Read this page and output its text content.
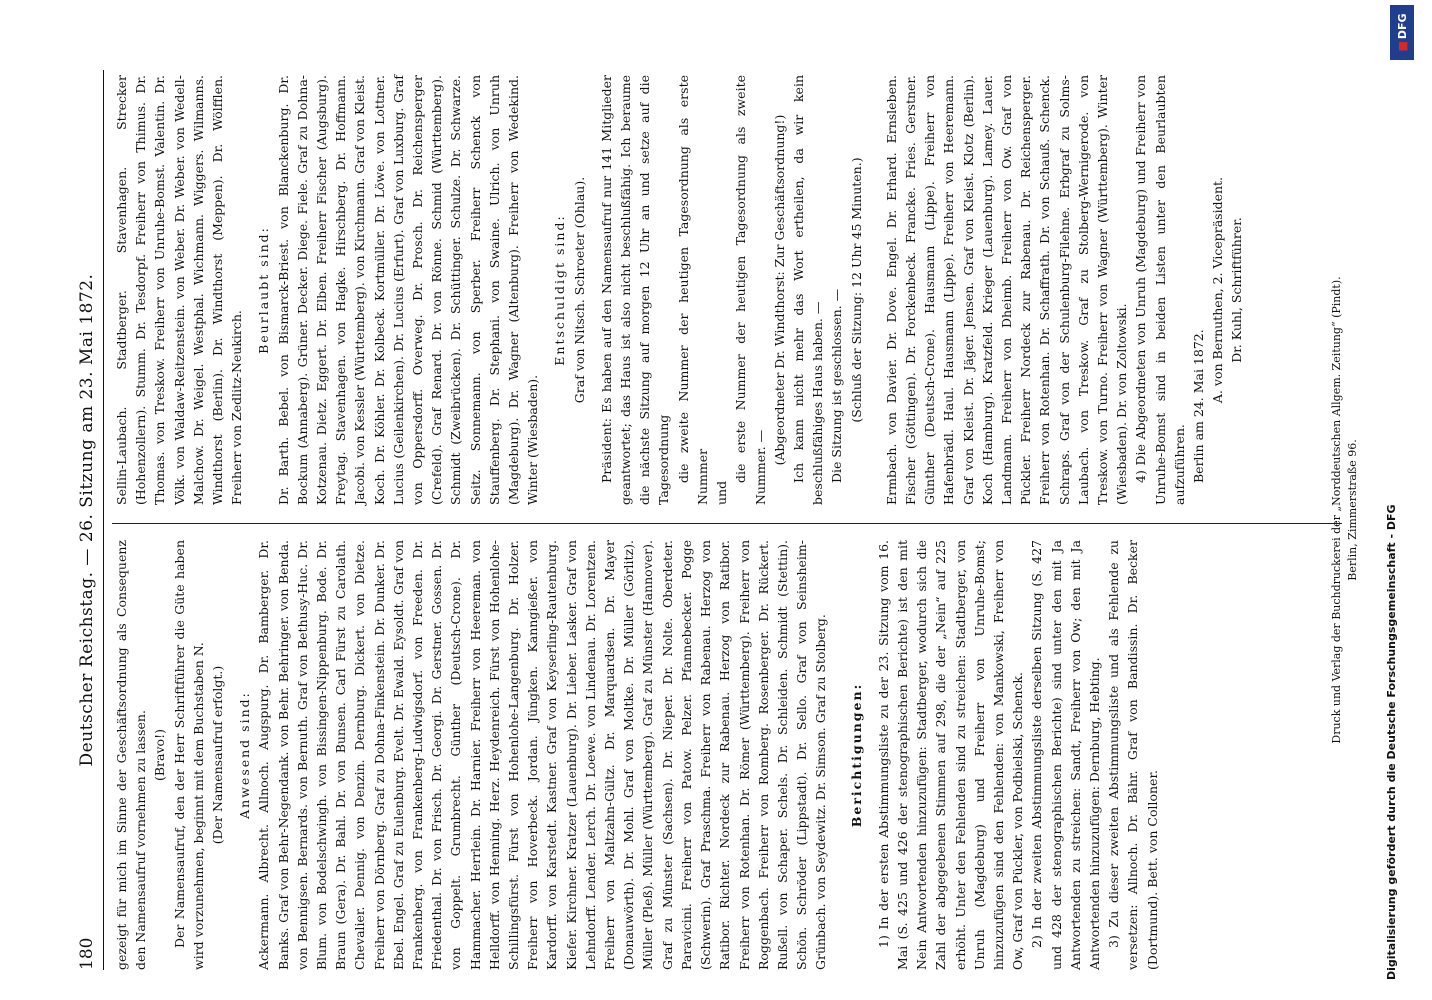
180
Deutscher Reichstag. — 26. Sitzung am 23. Mai 1872. gezeigt für mich im Sinne der Geschäftsordnung als Consequenz den Namensaufruf vornehmen zu lassen. (Bravo!) Der Namensaufruf, den der Herr Schriftführer die Güte haben wird vorzunehmen, beginnt mit dem Buchstaben N. (Der Namensaufruf erfolgt.) Anwesend sind: Ackermann. Albrecht. Allnoch. Augspurg. Dr. Bamberger. Dr. Banks. Graf von Behr-Negendank. von Behr. Behringer. von Benda. von Bennigsen. Bernards. von Bernuth. Graf von Bethusy-Huc. Dr. Blum. von Bodelschwingh. von Bissingen-Nippenburg. Bode. Dr. Braun (Gera). Dr. Bahl. Dr. von Bunsen. Carl Fürst zu Carolath. Chevalier. Dennig. von Denzin. Dernburg. Dickert. von Dietze. Freiherr von Dörnberg. Graf zu Dohna-Finkenstein. Dr. Dunker. Dr. Ebel. Engel. Graf zu Eulenburg. Evelt. Dr. Ewald. Eysoldt. Graf von Frankenberg. von Frankenberg-Ludwigsdorf. von Freeden. Dr. Friedenthal. Dr. von Frisch. Dr. Georgi. Dr. Gerstner. Gossen. Dr. von Goppelt. Grumbrecht. Günther (Deutsch-Crone). Dr. Hammacher. Herrlein. Dr. Harnier. Freiherr von Heereman. von Helldorff. von Henning. Herz. Heydenreich. Fürst von Hohenlohe-Schillingsfürst. Fürst von Hohenlohe-Langenburg. Dr. Holzer. Freiherr von Hoverbeck. Jordan. Jüngken. Kanngießer. von Kardorff. von Karstedt. Kastner. Graf von Keyserling-Rautenburg. Kiefer. Kirchner. Kratzer (Lauenburg). Dr. Lieber. Lasker. Graf von Lehndorff. Lender. Lerch. Dr. Loewe. von Lindenau. Dr. Lorentzen. Freiherr von Maltzahn-Gültz. Dr. Marquardsen. Dr. Mayer (Donauwörth). Dr. Mohl. Graf von Moltke. Dr. Müller (Görlitz). Müller (Pleß). Müller (Württemberg). Graf zu Münster (Hannover). Graf zu Münster (Sachsen). Dr. Nieper. Dr. Nolte. Oberdeter. Paravicini. Freiherr von Patow. Pelzer. Pfannebecker. Pogge (Schwerin). Graf Praschma. Freiherr von Rabenau. Herzog von Ratibor. Richter. Nordeck zur Rabenau. Herzog von Ratibor. Freiherr von Rotenhan. Dr. Römer (Württemberg). Freiherr von Roggenbach. Freiherr von Romberg. Rosenberger. Dr. Rückert. Rußell. von Schaper. Schels. Dr. Schleiden. Schmidt (Stettin). Schön. Schröder (Lippstadt). Dr. Sello. Graf von Seinsheim-Grünbach. von Seydewitz. Dr. Simson. Graf zu Stolberg. Berichtigungen: 1) In der ersten Abstimmungsliste zu der 23. Sitzung vom 16. Mai (S. 425 und 426 der stenographischen Berichte) ist den mit Nein Antwortenden hinzuzufügen: Stadtberger, wodurch sich die Zahl der abgegebenen Stimmen auf 298, die der „Nein“ auf 225 erhöht. Unter den Fehlenden sind zu streichen: Stadtberger, von Unruh (Magdeburg) und Freiherr von Unruhe-Bomst; hinzuzufügen sind den Fehlenden: von Mankowski, Freiherr von Ow, Graf von Pückler, von Podbielski, Schenck. 2) In der zweiten Abstimmungsliste derselben Sitzung (S. 427 und 428 der stenographischen Berichte) sind unter den mit Ja Antwortenden zu streichen: Sandt, Freiherr von Ow; den mit Ja Antwortenden hinzuzufügen: Dernburg, Hebting. 3) Zu dieser zweiten Abstimmungsliste und als Fehlende zu versetzen: Allnoch. Dr. Bähr. Graf von Bandissin. Dr. Becker (Dortmund). Bett. von Colloner.

Sellin-Laubach. Stadtberger. Stavenhagen. Strecker (Hohenzollern). Stumm. Dr. Tesdorpf. Freiherr von Thimus. Dr. Thomas. von Treskow. Freiherr von Unruhe-Bomst. Valentin. Dr. Völk. von Waldaw-Reitzenstein. von Weber. Dr. Weber. von Wedell-Malchow. Dr. Weigel. Westphal. Wichmann. Wiggers. Wilmanns. Windthorst (Berlin). Dr. Windthorst (Meppen). Dr. Wölfflen. Freiherr von Zedlitz-Neukirch.

Beurlaubt sind: Dr. Barth. Bebel. von Bismarck-Briest. von Blanckenburg. Dr. Bockum (Annaberg). Grüner. Decker. Diege. Fiele. Graf zu Dohna-Kotzenau. Dietz. Eggert. Dr. Elben. Freiherr Fischer (Augsburg). Freytag. Stavenhagen. von Hagke. Hirschberg. Dr. Hoffmann. Jacobi. von Kessler (Württemberg). von Kirchmann. Graf von Kleist. Koch. Dr. Köhler. Dr. Kolbeck. Kortmüller. Dr. Löwe. von Lottner. Lucius (Geilenkirchen). Dr. Lucius (Erfurt). Graf von Luxburg. Graf von Oppersdorff. Overweg. Dr. Prosch. Dr. Reichensperger (Crefeld). Graf Renard. Dr. von Rönne. Schmid (Württemberg). Schmidt (Zweibrücken). Dr. Schüttinger. Schulze. Dr. Schwarze. Seitz. Sonnemann. von Sperber. Freiherr Schenck von Stauffenberg. Dr. Stephani. von Swaine. Ulrich. von Unruh (Magdeburg). Dr. Wagner (Altenburg). Freiherr von Wedekind. Winter (Wiesbaden).

Entschuldigt sind: Graf von Nitsch. Schroeter (Ohlau). Präsident: Es haben auf den Namensaufruf nur 141 Mitglieder geantwortet; das Haus ist also nicht beschlußfähig. Ich beraume die nächste Sitzung auf morgen 12 Uhr an und setze auf die Tagesordnung die zweite Nummer der heutigen Tagesordnung als erste Nummer und

die erste Nummer der heutigen Tagesordnung als zweite Nummer. —

(Abgeordneter Dr. Windthorst: Zur Geschäftsordnung!) Ich kann nicht mehr das Wort ertheilen, da wir kein beschlußfähiges Haus haben. — Die Sitzung ist geschlossen. — (Schluß der Sitzung: 12 Uhr 45 Minuten.) Ermbach. von Davier. Dr. Dove. Engel. Dr. Erhard. Ernsleben. Fischer (Göttingen). Dr. Forckenbeck. Francke. Fries. Gerstner. Günther (Deutsch-Crone). Hausmann (Lippe). Freiherr von Hafenbrädl. Haul. Hausmann (Lippe). Freiherr von Heeremann. Graf von Kleist. Dr. Jäger. Jensen. Graf von Kleist. Klotz (Berlin). Koch (Hamburg). Kratzfeld. Krieger (Lauenburg). Lamey. Lauer. Landmann. Freiherr von Dheimb. Freiherr von Ow. Graf von Pückler. Freiherr Nordeck zur Rabenau. Dr. Reichensperger. Freiherr von Rotenhan. Dr. Schaffrath. Dr. von Schauß. Schenck. Schraps. Graf von der Schulenburg-Filehne. Erbgraf zu Solms-Laubach. von Treskow. Graf zu Stolberg-Wernigerode. von Treskow. von Turno. Freiherr von Wagner (Württemberg). Winter (Wiesbaden). Dr. von Zoltowski. 4) Die Abgeordneten von Unruh (Magdeburg) und Freiherr von Unruhe-Bomst sind in beiden Listen unter den Beurlaubten aufzuführen. Berlin am 24. Mai 1872.

A. von Bernuthen, 2. Vicepräsident. Dr. Kuhl, Schriftführer.	Druck und Verlag der Buchdruckerei der „Norddeutschen Allgem. Zeitung“ (Pindt). Berlin, Zimmerstraße 96. Digitalisierung gefördert durch die Deutsche Forschungsgemeinschaft - DFG
■
DFG
